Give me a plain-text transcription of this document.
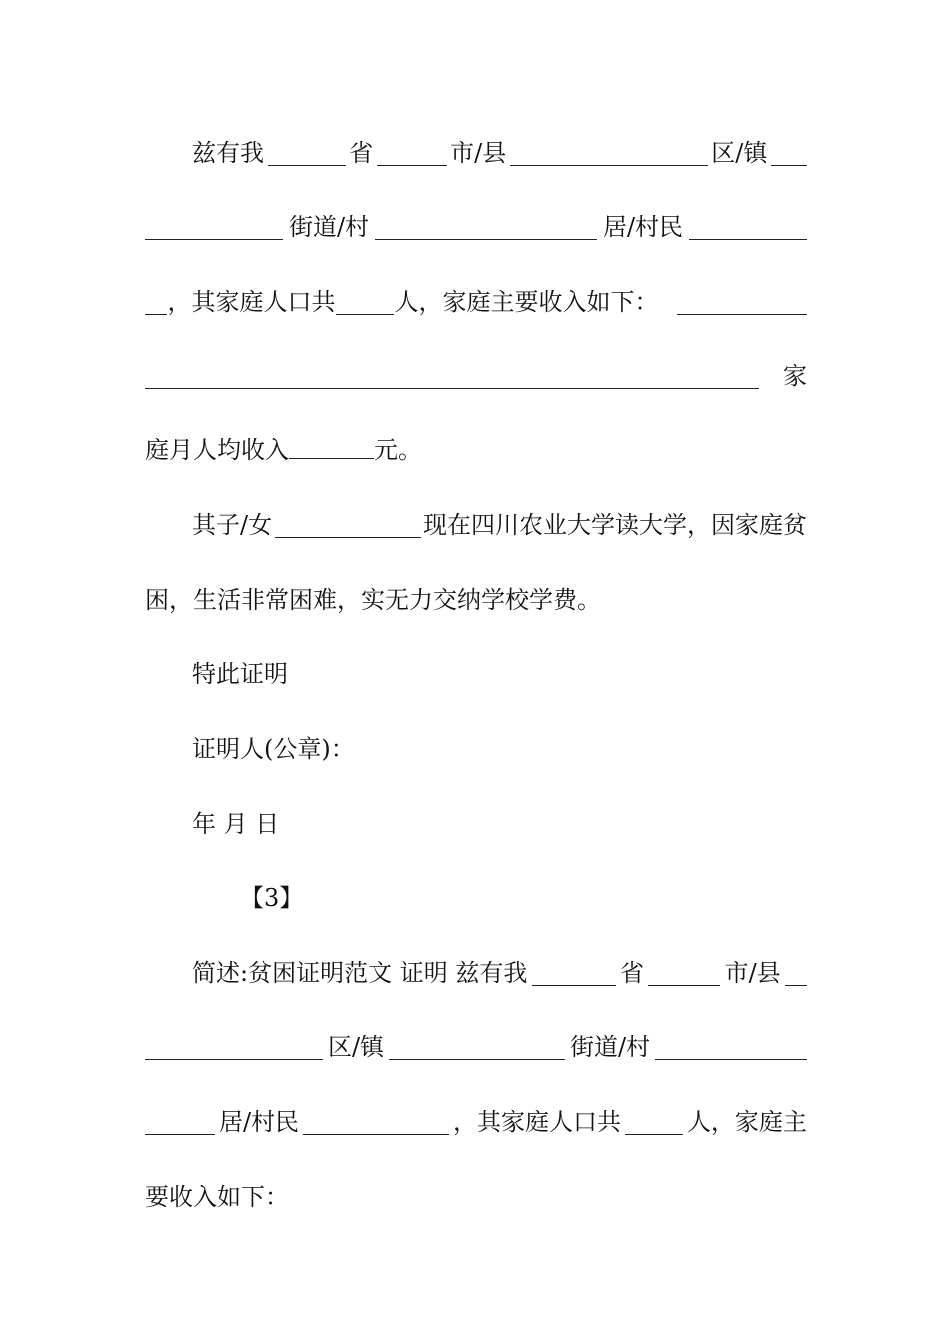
兹有我	省	市/县	区/镇
街道/村	居/村民
，其家庭人口共 人，家庭主要收入如下：
家
庭月人均收入	元。
其子/女	现在四川农业大学读大学，因家庭贫
困，生活非常困难，实无力交纳学校学费。
特此证明
证明人(公章)：
年 月 日
【3】
简述:贫困证明范文 证明 兹有我	省	市/县
区/镇	街道/村
居/村民	，其家庭人口共	人，家庭主
要收入如下：
